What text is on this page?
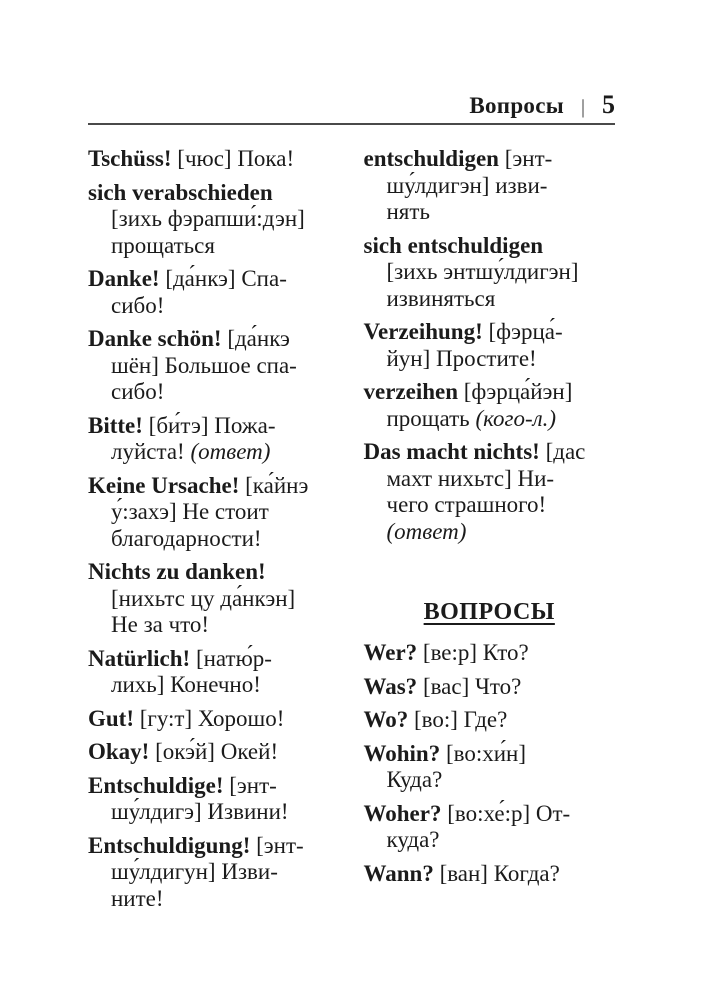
Вопросы | 5
Tschüss! [чюс] Пока!
sich verabschieden
[зихь фэрапши́:дэн]
прощаться
Danke! [да́нкэ] Спа-
сибо!
Danke schön! [да́нкэ
шён] Большое спа-
сибо!
Bitte! [би́тэ] Пожа-
луйста! (ответ)
Keine Ursache! [ка́йнэ
у́:захэ] Не стоит
благодарности!
Nichts zu danken!
[нихьтс цу да́нкэн]
Не за что!
Natürlich! [натю́р-
лихь] Конечно!
Gut! [гу:т] Хорошо!
Okay! [окэ́й] Окей!
Entschuldige! [энт-
шу́лдигэ] Извини!
Entschuldigung! [энт-
шу́лдигун] Изви-
ните!
entschuldigen [энт-
шу́лдигэн] изви-
нять
sich entschuldigen
[зихь энтшу́лдигэн]
извиняться
Verzeihung! [фэрца́-
йун] Простите!
verzeihen [фэрца́йэн]
прощать (кого-л.)
Das macht nichts! [дас
махт нихьтс] Ни-
чего страшного!
(ответ)
ВОПРОСЫ
Wer? [ве:р] Кто?
Was? [вас] Что?
Wo? [во:] Где?
Wohin? [во:хи́н]
Куда?
Woher? [во:хе́:р] От-
куда?
Wann? [ван] Когда?
